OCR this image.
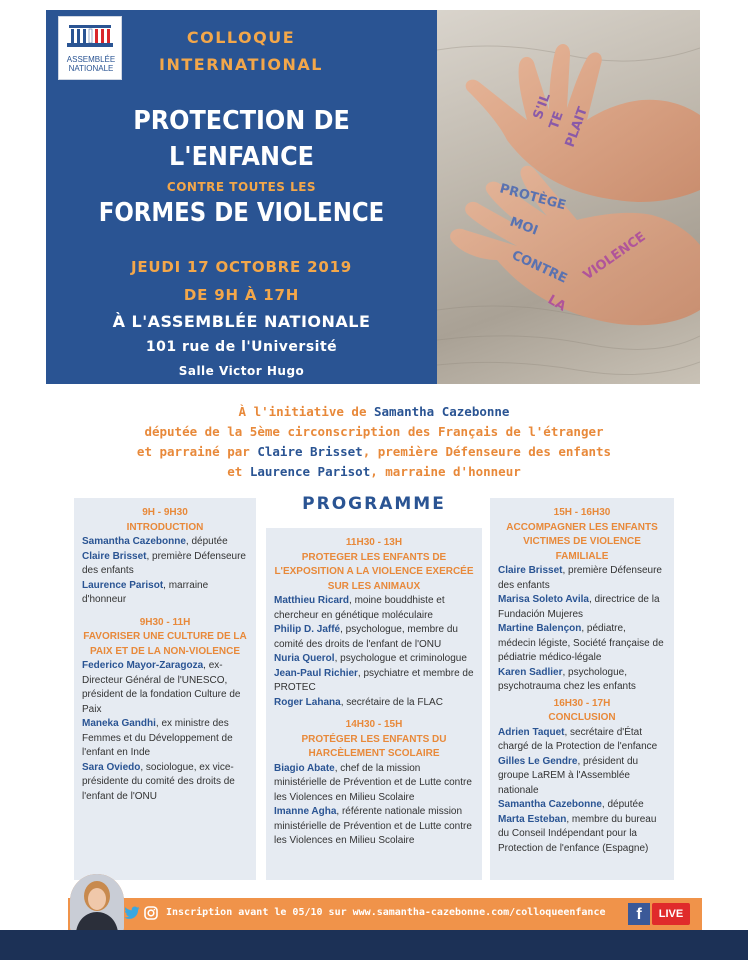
ASSEMBLÉE
NATIONALE
COLLOQUE
INTERNATIONAL
PROTECTION DE
L'ENFANCE
CONTRE TOUTES LES
FORMES DE VIOLENCE
JEUDI 17 OCTOBRE 2019
DE 9H À 17H
À L'ASSEMBLÉE NATIONALE
101 rue de l'Université
Salle Victor Hugo
S'IL
TE
PLAIT
PROTÈGE
MOI
CONTRE
LA
VIOLENCE
À l'initiative de Samantha Cazebonne
députée de la 5ème circonscription des Français de l'étranger
et parrainé par Claire Brisset, première Défenseure des enfants
et Laurence Parisot, marraine d'honneur
PROGRAMME
9H - 9H30
INTRODUCTION
Samantha Cazebonne, députée
Claire Brisset, première Défenseure des enfants
Laurence Parisot, marraine d'honneur
9H30 - 11H
FAVORISER UNE CULTURE DE LA PAIX ET DE LA NON-VIOLENCE
Federico Mayor-Zaragoza, ex-Directeur Général de l'UNESCO, président de la fondation Culture de Paix
Maneka Gandhi, ex ministre des Femmes et du Développement de l'enfant en Inde
Sara Oviedo, sociologue, ex vice-présidente du comité des droits de l'enfant de l'ONU
11H30 - 13H
PROTEGER LES ENFANTS DE L'EXPOSITION A LA VIOLENCE EXERCÉE SUR LES ANIMAUX
Matthieu Ricard, moine bouddhiste et chercheur en génétique moléculaire
Philip D. Jaffé, psychologue, membre du comité des droits de l'enfant de l'ONU
Nuria Querol, psychologue et criminologue
Jean-Paul Richier, psychiatre et membre de PROTEC
Roger Lahana, secrétaire de la FLAC
14H30 - 15H
PROTÉGER LES ENFANTS DU HARCÈLEMENT SCOLAIRE
Biagio Abate, chef de la mission ministérielle de Prévention et de Lutte contre les Violences en Milieu Scolaire
Imanne Agha, référente nationale mission ministérielle de Prévention et de Lutte contre les Violences en Milieu Scolaire
15H - 16H30
ACCOMPAGNER LES ENFANTS VICTIMES DE VIOLENCE FAMILIALE
Claire Brisset, première Défenseure des enfants
Marisa Soleto Avila, directrice de la Fundación Mujeres
Martine Balençon, pédiatre, médecin légiste, Société française de pédiatrie médico-légale
Karen Sadlier, psychologue, psychotrauma chez les enfants
16H30 - 17H
CONCLUSION
Adrien Taquet, secrétaire d'État chargé de la Protection de l'enfance
Gilles Le Gendre, président du groupe LaREM à l'Assemblée nationale
Samantha Cazebonne, députée
Marta Esteban, membre du bureau du Conseil Indépendant pour la Protection de l'enfance (Espagne)
Inscription avant le 05/10 sur www.samantha-cazebonne.com/colloqueenfance	f	LIVE
